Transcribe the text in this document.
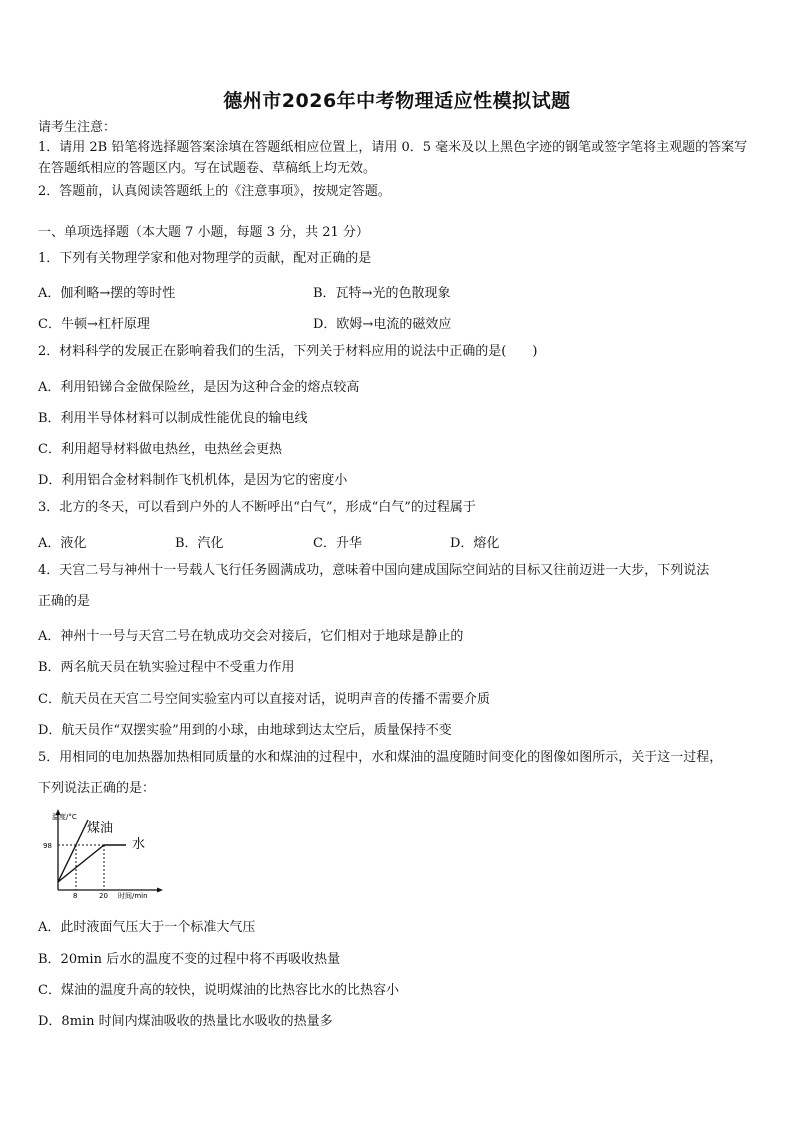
德州市2026年中考物理适应性模拟试题
请考生注意：
1．请用 2B 铅笔将选择题答案涂填在答题纸相应位置上，请用 0．5 毫米及以上黑色字迹的钢笔或签字笔将主观题的答案写在答题纸相应的答题区内。写在试题卷、草稿纸上均无效。
2．答题前，认真阅读答题纸上的《注意事项》，按规定答题。
一、单项选择题（本大题 7 小题，每题 3 分，共 21 分）
1．下列有关物理学家和他对物理学的贡献，配对正确的是
A．伽利略→摆的等时性	B．瓦特→光的色散现象
C．牛顿→杠杆原理	D．欧姆→电流的磁效应
2．材料科学的发展正在影响着我们的生活，下列关于材料应用的说法中正确的是(　　)
A．利用铅锑合金做保险丝，是因为这种合金的熔点较高
B．利用半导体材料可以制成性能优良的输电线
C．利用超导材料做电热丝，电热丝会更热
D．利用铝合金材料制作飞机机体，是因为它的密度小
3．北方的冬天，可以看到户外的人不断呼出“白气”，形成“白气”的过程属于
A．液化	B．汽化	C．升华	D．熔化
4．天宫二号与神州十一号载人飞行任务圆满成功，意味着中国向建成国际空间站的目标又往前迈进一大步，下列说法
正确的是
A．神州十一号与天宫二号在轨成功交会对接后，它们相对于地球是静止的
B．两名航天员在轨实验过程中不受重力作用
C．航天员在天宫二号空间实验室内可以直接对话，说明声音的传播不需要介质
D．航天员作“双摆实验”用到的小球，由地球到达太空后，质量保持不变
5．用相同的电加热器加热相同质量的水和煤油的过程中，水和煤油的温度随时间变化的图像如图所示，关于这一过程，
下列说法正确的是：
温度/°C
98
8	20 时间/min
煤油
水
A．此时液面气压大于一个标准大气压
B．20min 后水的温度不变的过程中将不再吸收热量
C．煤油的温度升高的较快，说明煤油的比热容比水的比热容小
D．8min 时间内煤油吸收的热量比水吸收的热量多
